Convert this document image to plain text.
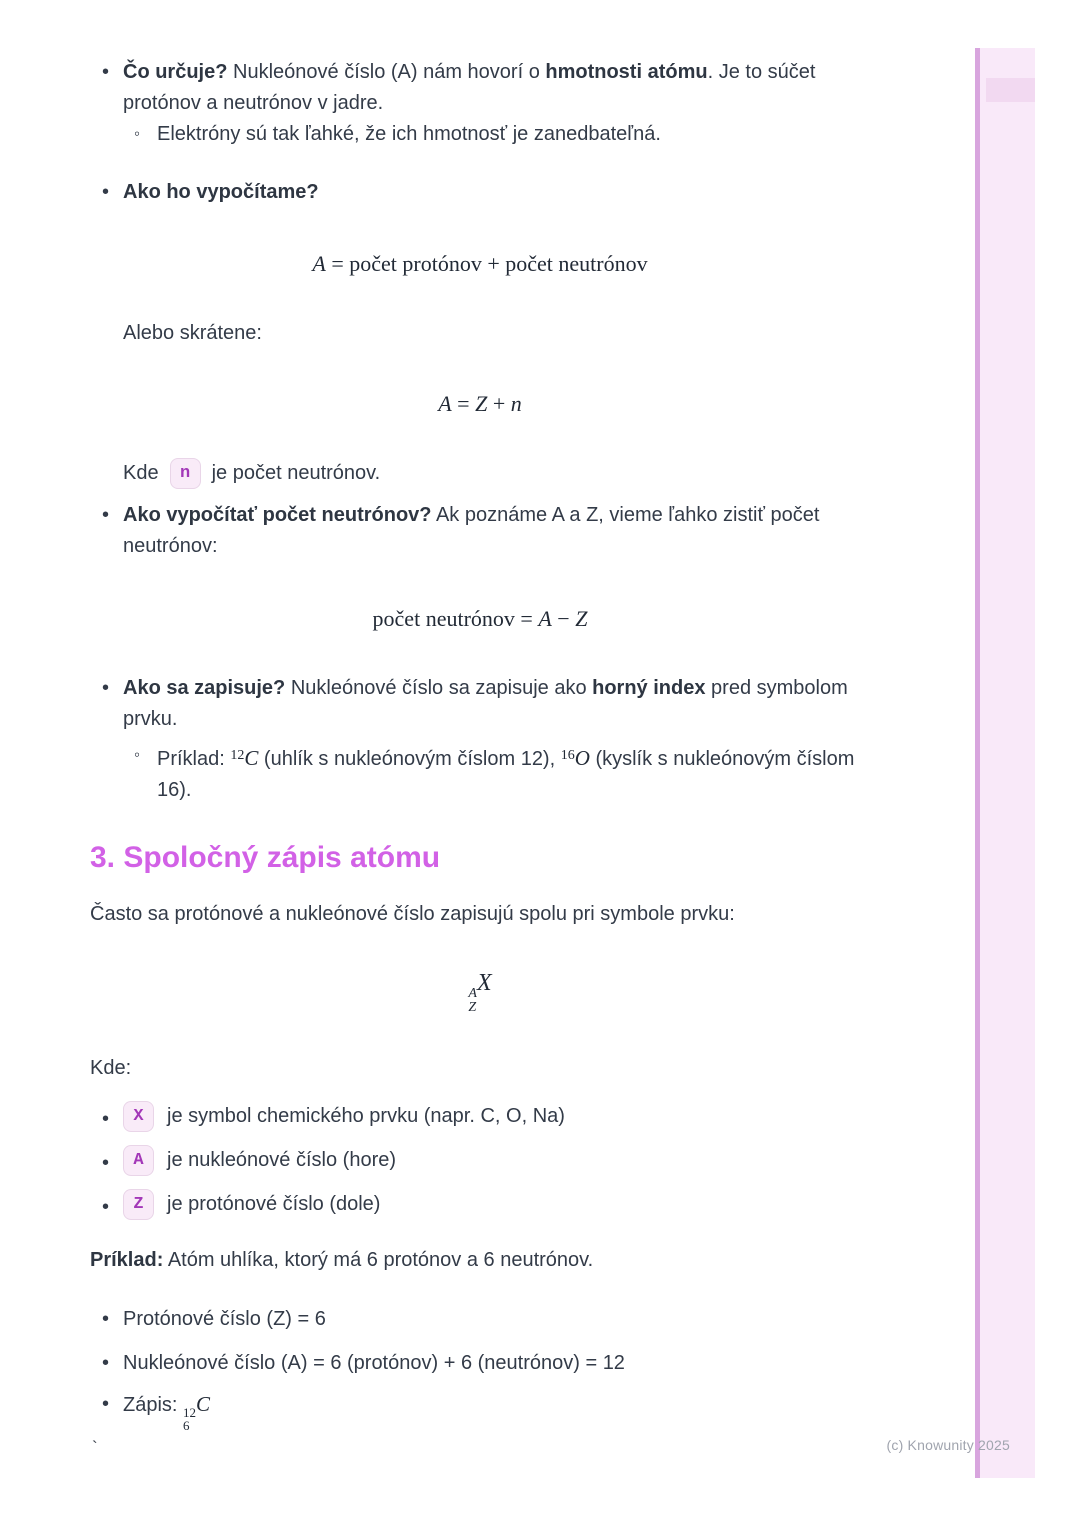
(c) Knowunity 2025
`
• Čo určuje? Nukleónové číslo (A) nám hovorí o hmotnosti atómu. Je to súčet protónov a neutrónov v jadre.
◦ Elektróny sú tak ľahké, že ich hmotnosť je zanedbateľná.
• Ako ho vypočítame?
A = počet protónov + počet neutrónov
Alebo skrátene:
A = Z + n
Kde	n	je počet neutrónov.
• Ako vypočítať počet neutrónov? Ak poznáme A a Z, vieme ľahko zistiť počet neutrónov:
počet neutrónov = A − Z
• Ako sa zapisuje? Nukleónové číslo sa zapisuje ako horný index pred symbolom prvku.
◦ Príklad: $^{12}$C (uhlík s nukleónovým číslom 12), $^{16}$O (kyslík s nukleónovým číslom 16).
3. Spoločný zápis atómu
Často sa protónové a nukleónové číslo zapisujú spolu pri symbole prvku:
A
Z
X
Kde:
•	X	je symbol chemického prvku (napr. C, O, Na)
•	A	je nukleónové číslo (hore)
•	Z	je protónové číslo (dole)
Príklad: Atóm uhlíka, ktorý má 6 protónov a 6 neutrónov.
• Protónové číslo (Z) = 6
• Nukleónové číslo (A) = 6 (protónov) + 6 (neutrónov) = 12
• Zápis: 12
6
C
